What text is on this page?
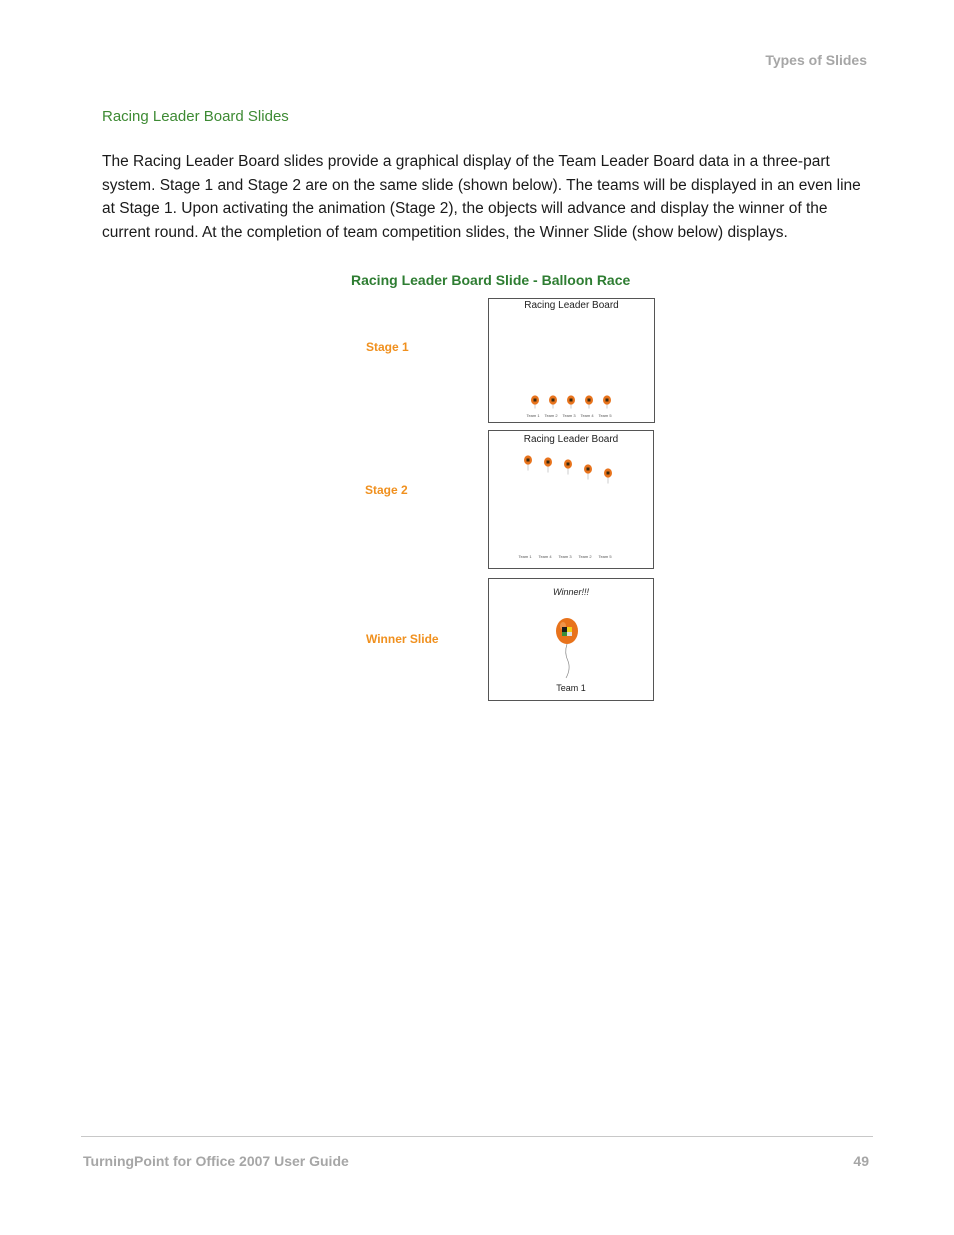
Types of Slides
Racing Leader Board Slides
The Racing Leader Board slides provide a graphical display of the Team Leader Board data in a three-part system. Stage 1 and Stage 2 are on the same slide (shown below). The teams will be displayed in an even line at Stage 1. Upon activating the animation (Stage 2), the objects will advance and display the winner of the current round. At the completion of team competition slides, the Winner Slide (show below) displays.
Racing Leader Board Slide - Balloon Race
Stage 1
Racing Leader Board
Team 1 Team 2 Team 3 Team 4 Team 5
Stage 2
Racing Leader Board
Team 1 Team 4 Team 3 Team 2 Team 5
Winner Slide
Winner!!!
Team 1
TurningPoint for Office 2007 User Guide	49
